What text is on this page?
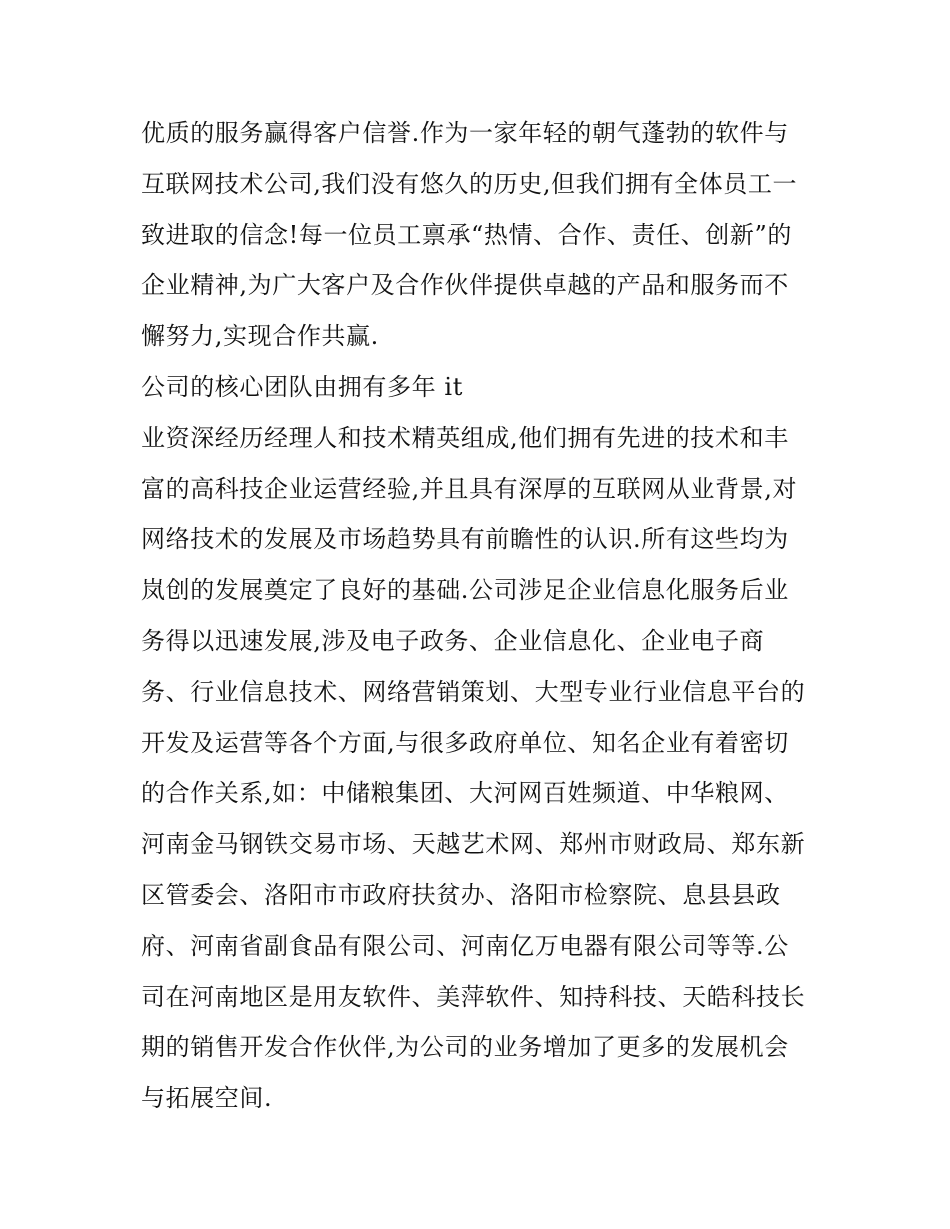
优质的服务赢得客户信誉.作为一家年轻的朝气蓬勃的软件与
互联网技术公司,我们没有悠久的历史,但我们拥有全体员工一
致进取的信念!每一位员工禀承“热情、合作、责任、创新”的
企业精神,为广大客户及合作伙伴提供卓越的产品和服务而不
懈努力,实现合作共赢.
公司的核心团队由拥有多年 it
业资深经历经理人和技术精英组成,他们拥有先进的技术和丰
富的高科技企业运营经验,并且具有深厚的互联网从业背景,对
网络技术的发展及市场趋势具有前瞻性的认识.所有这些均为
岚创的发展奠定了良好的基础.公司涉足企业信息化服务后业
务得以迅速发展,涉及电子政务、企业信息化、企业电子商
务、行业信息技术、网络营销策划、大型专业行业信息平台的
开发及运营等各个方面,与很多政府单位、知名企业有着密切
的合作关系,如：中储粮集团、大河网百姓频道、中华粮网、
河南金马钢铁交易市场、天越艺术网、郑州市财政局、郑东新
区管委会、洛阳市市政府扶贫办、洛阳市检察院、息县县政
府、河南省副食品有限公司、河南亿万电器有限公司等等.公
司在河南地区是用友软件、美萍软件、知持科技、天皓科技长
期的销售开发合作伙伴,为公司的业务增加了更多的发展机会
与拓展空间.
